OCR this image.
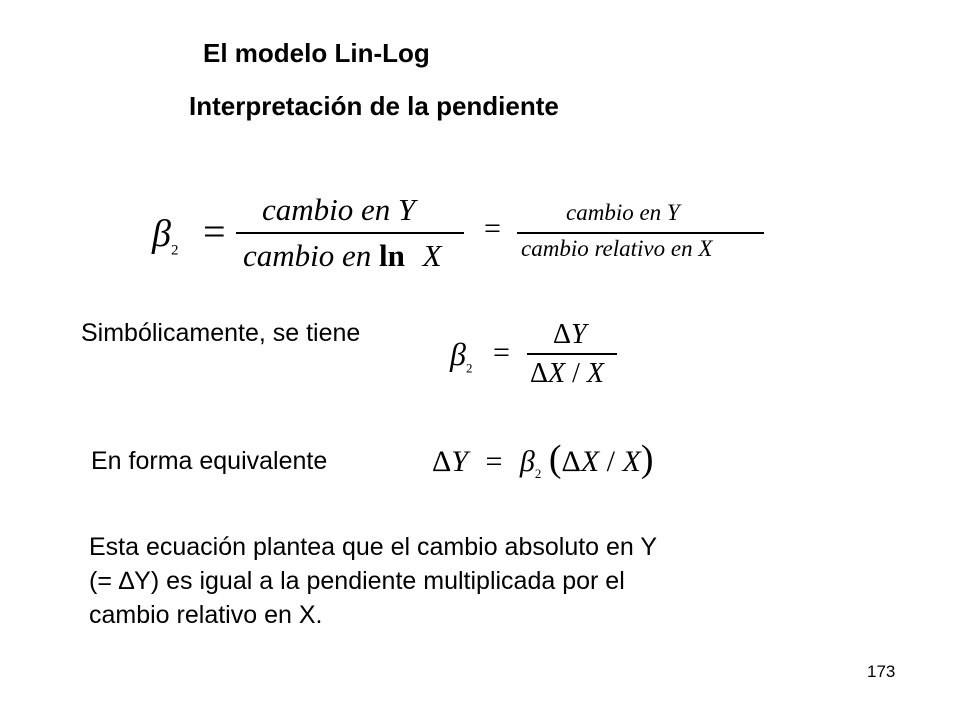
El modelo Lin-Log
Interpretación de la pendiente
$\beta_2$ = cambio en Y
cambio en ln X
=	cambio en Y
cambio relativo en X
Simbólicamente, se tiene
$\beta_2$ =
ΔY
ΔX / X
En forma equivalente	$\Delta Y = \beta_2$ (ΔX / X)
Esta ecuación plantea que el cambio absoluto en Y
(= ∆Y) es igual a la pendiente multiplicada por el
cambio relativo en X.
173
